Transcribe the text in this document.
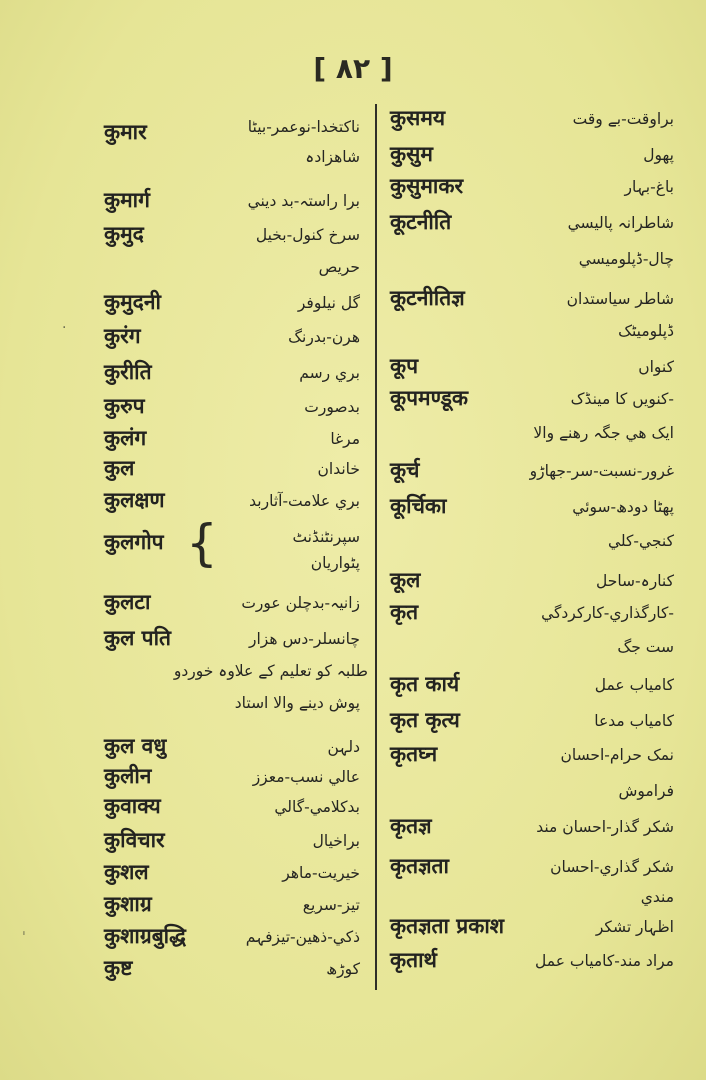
[ ٨٢ ]
कुसमय	براوقت-بے وقت
कुसुम	پھول
कुसुमाकर	باغ-بہار
कूटनीति	شاطرانہ پالیسي
چال-ڈپلومیسي
कूटनीतिज्ञ	شاطر سیاستدان
ڈپلومیٹک
कूप	کنواں
कूपमण्डूक	-کنویں کا مینڈک
ایک هي جگہ رهنے والا
कूर्च	غرور-نسبت-سر-جھاڑو
कूर्चिका	پھٹا دودھ-سوئي
کنجي-کلي
कूल	کنارہ-ساحل
कृत	-کارگذاري-کارکردگي
ست جگ
कृत कार्य	کامیاب عمل
कृत कृत्य	کامیاب مدعا
कृतघ्न	نمک حرام-احسان
فراموش
कृतज्ञ	شکر گذار-احسان مند
कृतज्ञता	شکر گذاري-احسان
مندي
कृतज्ञता प्रकाश	اظہار تشکر
कृतार्थ	مراد مند-کامیاب عمل
कुमार	ناکتخدا-نوعمر-بیٹا
شاهزادہ
कुमार्ग	برا راستہ-بد دیني
कुमुद	سرخ کنول-بخیل
حریص
कुमुदनी	گل نیلوفر
कुरंग	هرن-بدرنگ
कुरीति	بري رسم
कुरुप	بدصورت
कुलंग	مرغا
कुल	خاندان
कुलक्षण	بري علامت-آثاربد
कुलगोप	سپرنٹنڈنٹ
پٹواریان
कुलटा	زانیہ-بدچلن عورت
कुल पति	چانسلر-دس هزار
طلبہ کو تعلیم کے علاوہ خوردو
پوش دینے والا استاد
कुल वधु	دلہن
कुलीन	عالي نسب-معزز
कुवाक्य	بدکلامي-گالي
कुविचार	براخیال
कुशल	خیریت-ماهر
कुशाग्र	تیز-سریع
कुशाग्रबुद्धि	ذکي-ذهین-تیزفہم
कुष्ट	کوڑھ
{
·
ˈ
